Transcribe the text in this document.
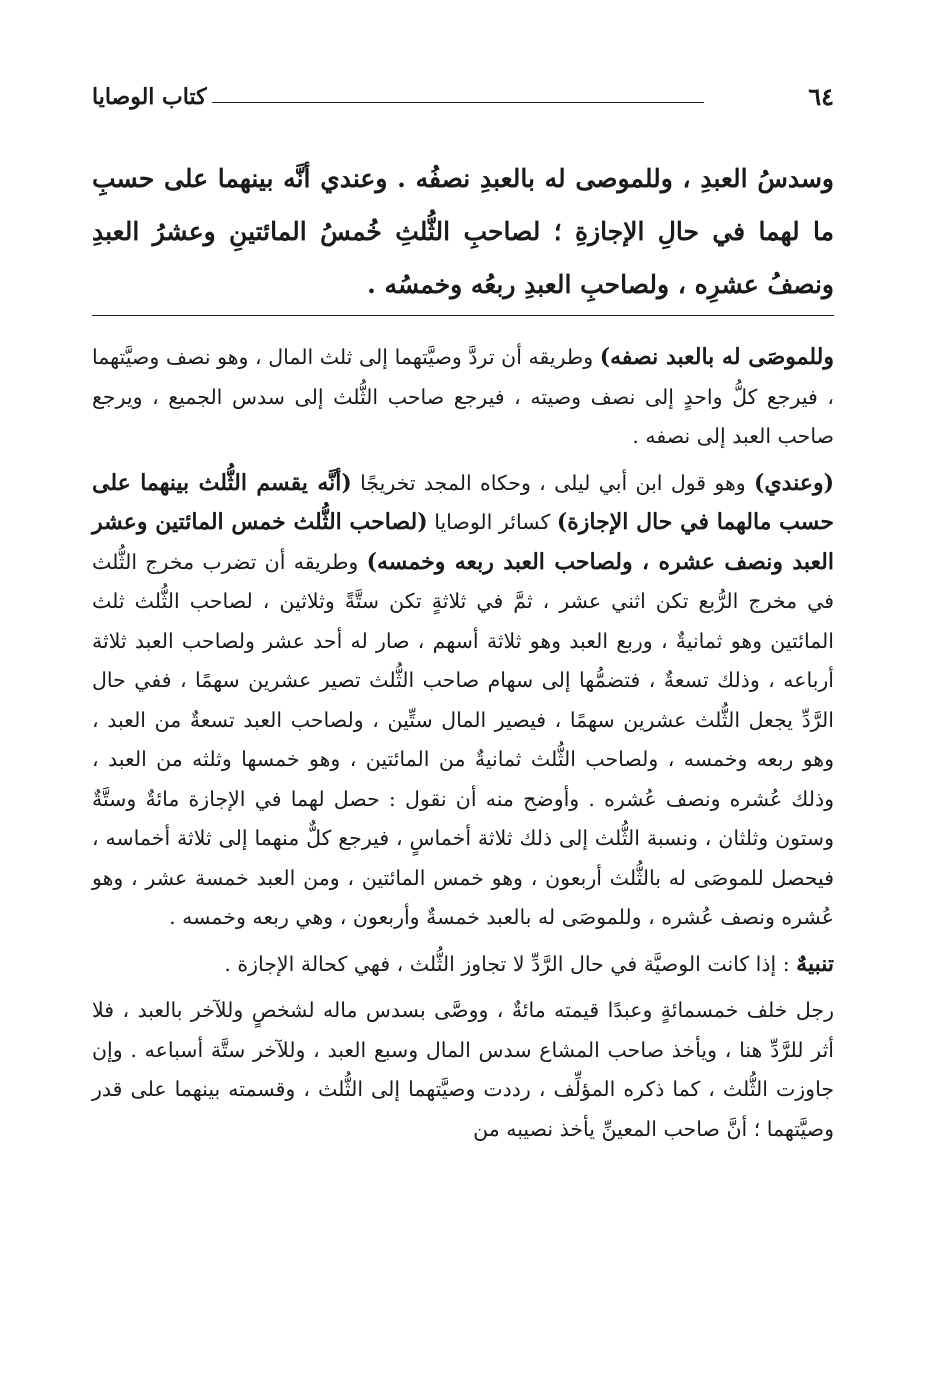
٦٤
كتاب الوصايا
وسدسُ العبدِ ، وللموصى له بالعبدِ نصفُه . وعندي أنَّه بينهما على حسبِ ما لهما في حالِ الإجازةِ ؛ لصاحبِ الثُّلثِ خُمسُ المائتينِ وعشرُ العبدِ ونصفُ عشرِه ، ولصاحبِ العبدِ ربعُه وخمسُه .

وللموصَى له بالعبد نصفه) وطريقه أن تردَّ وصيَّتهما إلى ثلث المال ، وهو نصف وصيَّتهما ، فيرجع كلُّ واحدٍ إلى نصف وصيته ، فيرجع صاحب الثُّلث إلى سدس الجميع ، ويرجع صاحب العبد إلى نصفه .

(وعندي) وهو قول ابن أبي ليلى ، وحكاه المجد تخريجًا (أنَّه يقسم الثُّلث بينهما على حسب مالهما في حال الإجازة) كسائر الوصايا (لصاحب الثُّلث خمس المائتين وعشر العبد ونصف عشره ، ولصاحب العبد ربعه وخمسه) وطريقه أن تضرب مخرج الثُّلث في مخرج الرُّبع تكن اثني عشر ، ثمَّ في ثلاثةٍ تكن ستَّةً وثلاثين ، لصاحب الثُّلث ثلث المائتين وهو ثمانيةٌ ، وربع العبد وهو ثلاثة أسهم ، صار له أحد عشر ولصاحب العبد ثلاثة أرباعه ، وذلك تسعةٌ ، فتضمُّها إلى سهام صاحب الثُّلث تصير عشرين سهمًا ، ففي حال الرَّدِّ يجعل الثُّلث عشرين سهمًا ، فيصير المال ستِّين ، ولصاحب العبد تسعةٌ من العبد ، وهو ربعه وخمسه ، ولصاحب الثُّلث ثمانيةٌ من المائتين ، وهو خمسها وثلثه من العبد ، وذلك عُشره ونصف عُشره . وأوضح منه أن نقول : حصل لهما في الإجازة مائةٌ وستَّةٌ وستون وثلثان ، ونسبة الثُّلث إلى ذلك ثلاثة أخماسٍ ، فيرجع كلٌّ منهما إلى ثلاثة أخماسه ، فيحصل للموصَى له بالثُّلث أربعون ، وهو خمس المائتين ، ومن العبد خمسة عشر ، وهو عُشره ونصف عُشره ، وللموصَى له بالعبد خمسةٌ وأربعون ، وهي ربعه وخمسه .

تنبيهٌ : إذا كانت الوصيَّة في حال الرَّدِّ لا تجاوز الثُّلث ، فهي كحالة الإجازة .

رجل خلف خمسمائةٍ وعبدًا قيمته مائةٌ ، ووصَّى بسدس ماله لشخصٍ وللآخر بالعبد ، فلا أثر للرَّدِّ هنا ، ويأخذ صاحب المشاع سدس المال وسبع العبد ، وللآخر ستَّة أسباعه . وإن جاوزت الثُّلث ، كما ذكره المؤلِّف ، رددت وصيَّتهما إلى الثُّلث ، وقسمته بينهما على قدر وصيَّتهما ؛ أنَّ صاحب المعينِّ يأخذ نصيبه من
